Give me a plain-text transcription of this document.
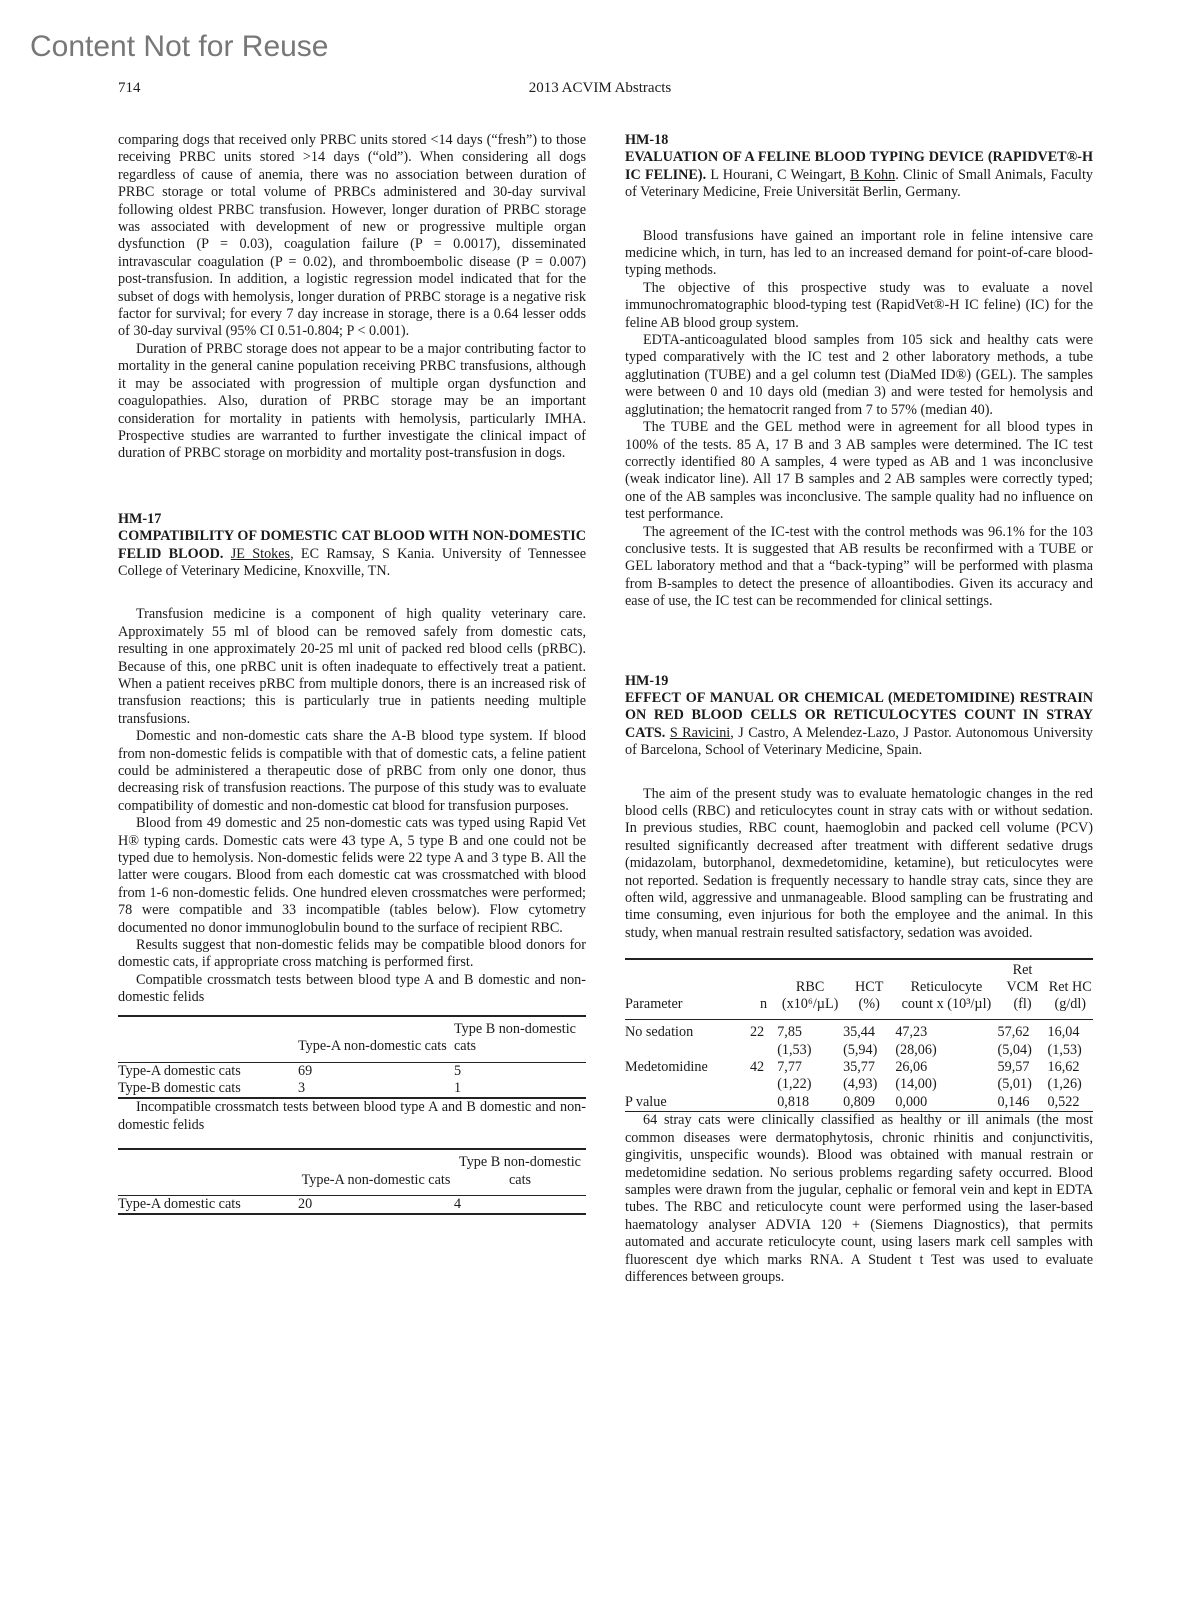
Content Not for Reuse
714	2013 ACVIM Abstracts

comparing dogs that received only PRBC units stored <14 days (“fresh”) to those receiving PRBC units stored >14 days (“old”). When considering all dogs regardless of cause of anemia, there was no association between duration of PRBC storage or total volume of PRBCs administered and 30-day survival following oldest PRBC transfusion. However, longer duration of PRBC storage was associated with development of new or progressive multiple organ dysfunction (P = 0.03), coagulation failure (P = 0.0017), disseminated intravascular coagulation (P = 0.02), and thromboembolic disease (P = 0.007) post-transfusion. In addition, a logistic regression model indicated that for the subset of dogs with hemolysis, longer duration of PRBC storage is a negative risk factor for survival; for every 7 day increase in storage, there is a 0.64 lesser odds of 30-day survival (95% CI 0.51-0.804; P < 0.001).

Duration of PRBC storage does not appear to be a major contributing factor to mortality in the general canine population receiving PRBC transfusions, although it may be associated with progression of multiple organ dysfunction and coagulopathies. Also, duration of PRBC storage may be an important consideration for mortality in patients with hemolysis, particularly IMHA. Prospective studies are warranted to further investigate the clinical impact of duration of PRBC storage on morbidity and mortality post-transfusion in dogs.

HM-17

COMPATIBILITY OF DOMESTIC CAT BLOOD WITH NON-DOMESTIC FELID BLOOD. JE Stokes, EC Ramsay, S Kania. University of Tennessee College of Veterinary Medicine, Knoxville, TN.

Transfusion medicine is a component of high quality veterinary care. Approximately 55 ml of blood can be removed safely from domestic cats, resulting in one approximately 20-25 ml unit of packed red blood cells (pRBC). Because of this, one pRBC unit is often inadequate to effectively treat a patient. When a patient receives pRBC from multiple donors, there is an increased risk of transfusion reactions; this is particularly true in patients needing multiple transfusions.

Domestic and non-domestic cats share the A-B blood type system. If blood from non-domestic felids is compatible with that of domestic cats, a feline patient could be administered a therapeutic dose of pRBC from only one donor, thus decreasing risk of transfusion reactions. The purpose of this study was to evaluate compatibility of domestic and non-domestic cat blood for transfusion purposes.

Blood from 49 domestic and 25 non-domestic cats was typed using Rapid Vet H® typing cards. Domestic cats were 43 type A, 5 type B and one could not be typed due to hemolysis. Non-domestic felids were 22 type A and 3 type B. All the latter were cougars. Blood from each domestic cat was crossmatched with blood from 1-6 non-domestic felids. One hundred eleven crossmatches were performed; 78 were compatible and 33 incompatible (tables below). Flow cytometry documented no donor immunoglobulin bound to the surface of recipient RBC.

Results suggest that non-domestic felids may be compatible blood donors for domestic cats, if appropriate cross matching is performed first.

Compatible crossmatch tests between blood type A and B domestic and non-domestic felids

	Type-A non-domestic cats	Type B non-domestic cats
Type-A domestic cats	69	5
Type-B domestic cats	3	1

Incompatible crossmatch tests between blood type A and B domestic and non-domestic felids

	Type-A non-domestic cats	Type B non-domestic cats
Type-A domestic cats	20	4
HM-18

EVALUATION OF A FELINE BLOOD TYPING DEVICE (RAPIDVET®-H IC FELINE). L Hourani, C Weingart, B Kohn. Clinic of Small Animals, Faculty of Veterinary Medicine, Freie Universität Berlin, Germany.

Blood transfusions have gained an important role in feline intensive care medicine which, in turn, has led to an increased demand for point-of-care blood-typing methods.

The objective of this prospective study was to evaluate a novel immunochromatographic blood-typing test (RapidVet®-H IC feline) (IC) for the feline AB blood group system.

EDTA-anticoagulated blood samples from 105 sick and healthy cats were typed comparatively with the IC test and 2 other laboratory methods, a tube agglutination (TUBE) and a gel column test (DiaMed ID®) (GEL). The samples were between 0 and 10 days old (median 3) and were tested for hemolysis and agglutination; the hematocrit ranged from 7 to 57% (median 40).

The TUBE and the GEL method were in agreement for all blood types in 100% of the tests. 85 A, 17 B and 3 AB samples were determined. The IC test correctly identified 80 A samples, 4 were typed as AB and 1 was inconclusive (weak indicator line). All 17 B samples and 2 AB samples were correctly typed; one of the AB samples was inconclusive. The sample quality had no influence on test performance.

The agreement of the IC-test with the control methods was 96.1% for the 103 conclusive tests. It is suggested that AB results be reconfirmed with a TUBE or GEL laboratory method and that a “back-typing” will be performed with plasma from B-samples to detect the presence of alloantibodies. Given its accuracy and ease of use, the IC test can be recommended for clinical settings.

HM-19

EFFECT OF MANUAL OR CHEMICAL (MEDETOMIDINE) RESTRAIN ON RED BLOOD CELLS OR RETICULOCYTES COUNT IN STRAY CATS. S Ravicini, J Castro, A Melendez-Lazo, J Pastor. Autonomous University of Barcelona, School of Veterinary Medicine, Spain.

The aim of the present study was to evaluate hematologic changes in the red blood cells (RBC) and reticulocytes count in stray cats with or without sedation. In previous studies, RBC count, haemoglobin and packed cell volume (PCV) resulted significantly decreased after treatment with different sedative drugs (midazolam, butorphanol, dexmedetomidine, ketamine), but reticulocytes were not reported. Sedation is frequently necessary to handle stray cats, since they are often wild, aggressive and unmanageable. Blood sampling can be frustrating and time consuming, even injurious for both the employee and the animal. In this study, when manual restrain resulted satisfactory, sedation was avoided.

Parameter	n	RBC (x10⁶/µL)	HCT (%)	Reticulocyte count x (10³/µl)	Ret VCM (fl)	Ret HC (g/dl)
No sedation	22	7,85	35,44	47,23	57,62	16,04
		(1,53)	(5,94)	(28,06)	(5,04)	(1,53)
Medetomidine	42	7,77	35,77	26,06	59,57	16,62
		(1,22)	(4,93)	(14,00)	(5,01)	(1,26)
P value		0,818	0,809	0,000	0,146	0,522

64 stray cats were clinically classified as healthy or ill animals (the most common diseases were dermatophytosis, chronic rhinitis and conjunctivitis, gingivitis, unspecific wounds). Blood was obtained with manual restrain or medetomidine sedation. No serious problems regarding safety occurred. Blood samples were drawn from the jugular, cephalic or femoral vein and kept in EDTA tubes. The RBC and reticulocyte count were performed using the laser-based haematology analyser ADVIA 120 + (Siemens Diagnostics), that permits automated and accurate reticulocyte count, using lasers mark cell samples with fluorescent dye which marks RNA. A Student t Test was used to evaluate differences between groups.
